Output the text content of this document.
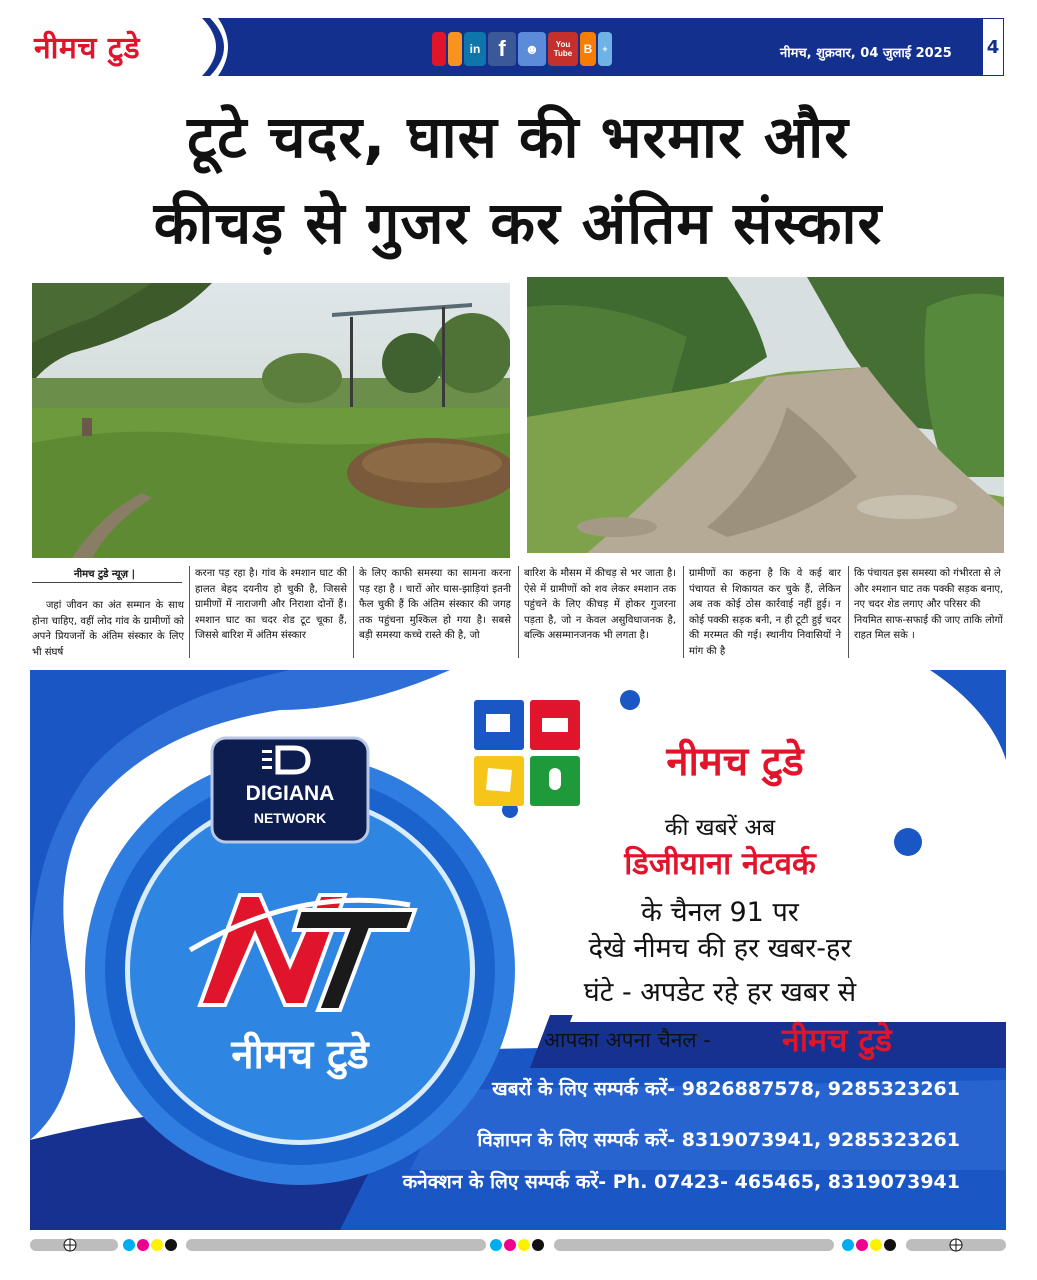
नीमच टुडे	in f	☻	You Tube B	+	नीमच, शुक्रवार, 04 जुलाई 2025 4
टूटे चदर, घास की भरमार और
कीचड़ से गुजर कर अंतिम संस्कार
नीमच टुडे न्यूज़ |
जहां जीवन का अंत सम्मान के साथ होना चाहिए, वहीं लोद गांव के ग्रामीणों को अपने प्रियजनों के अंतिम संस्कार के लिए भी संघर्ष
करना पड़ रहा है। गांव के श्मशान घाट की हालत बेहद दयनीय हो चुकी है, जिससे ग्रामीणों में नाराजगी और निराशा दोनों हैं। श्मशान घाट का चदर शेड टूट चूका हैं, जिससे बारिश में अंतिम संस्कार
के लिए काफी समस्या का सामना करना पड़ रहा है । चारों ओर घास-झाड़ियां इतनी फैल चुकी हैं कि अंतिम संस्कार की जगह तक पहुंचना मुश्किल हो गया है। सबसे बड़ी समस्या कच्चे रास्ते की है, जो
बारिश के मौसम में कीचड़ से भर जाता है। ऐसे में ग्रामीणों को शव लेकर श्मशान तक पहुंचने के लिए कीचड़ में होकर गुजरना पड़ता है, जो न केवल असुविधाजनक है, बल्कि असम्मानजनक भी लगता है।
ग्रामीणों का कहना है कि वे कई बार पंचायत से शिकायत कर चुके हैं, लेकिन अब तक कोई ठोस कार्रवाई नहीं हुई। न कोई पक्की सड़क बनी, न ही टूटी हुई चदर की मरम्मत की गई। स्थानीय निवासियों ने मांग की है
कि पंचायत इस समस्या को गंभीरता से ले और श्मशान घाट तक पक्की सड़क बनाए, नए चदर शेड लगाए और परिसर की नियमित साफ-सफाई की जाए ताकि लोगों राहत मिल सके ।
DIGIANA
NETWORK
नीमच टुडे
नीमच टुडे
की खबरें अब
डिजीयाना नेटवर्क
के चैनल 91 पर
देखे नीमच की हर खबर-हर
घंटे - अपडेट रहे हर खबर से
आपका अपना चैनल - नीमच टुडे
खबरों के लिए सम्पर्क करें- 9826887578, 9285323261
विज्ञापन के लिए सम्पर्क करें- 8319073941, 9285323261
कनेक्शन के लिए सम्पर्क करें- Ph. 07423- 465465, 8319073941
